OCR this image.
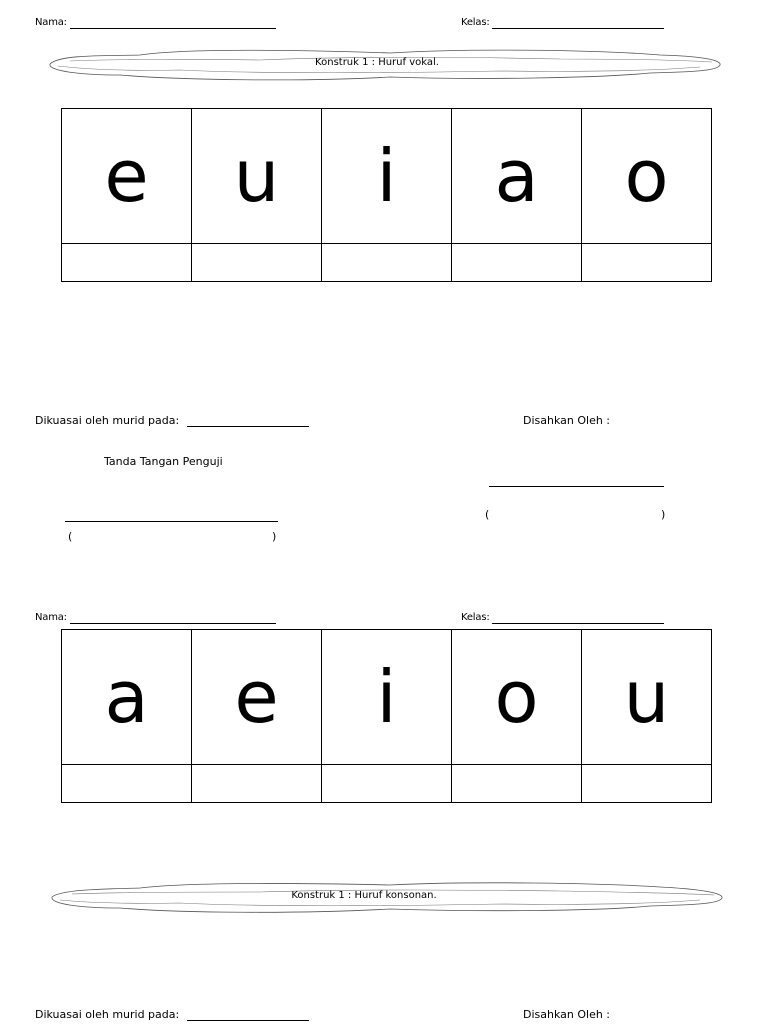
Nama:	Kelas:
Konstruk 1 : Huruf vokal.
e	u	i	a	o

Dikuasai oleh murid pada:	Disahkan Oleh :
Tanda Tangan Penguji
(	)
(	)
Nama:	Kelas:
a	e	i	o	u

Konstruk 1 : Huruf konsonan.
Dikuasai oleh murid pada:	Disahkan Oleh :
